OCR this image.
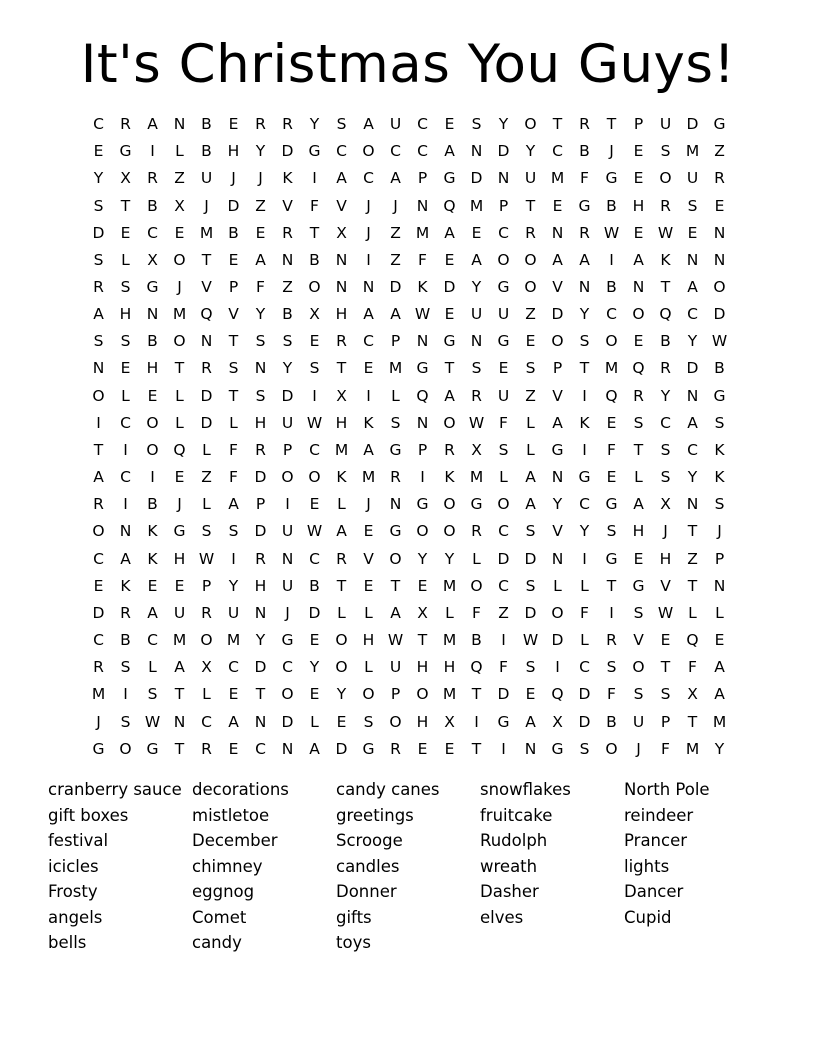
It's Christmas You Guys!
C	R	A	N	B	E	R	R	Y	S	A	U	C	E	S	Y	O	T	R	T	P	U D G
E	G	I	L	B	H	Y	D G	C O C	C	A	N D	Y	C	B	J	E	S M Z
Y	X	R	Z	U	J	J	K	I	A	C	A	P	G D N	U M	F	G	E	O U	R
S	T	B	X	J	D	Z	V	F	V	J	J	N Q M	P	T	E	G	B	H	R	S	E
D	E	C	E M B	E	R	T	X	J	Z M A	E	C	R	N	R W E W E	N
S	L	X	O	T	E	A	N	B	N	I	Z	F	E	A	O O	A	A	I	A	K	N N
R	S	G	J	V	P	F	Z	O N N D	K	D	Y	G O	V	N	B	N	T	A	O
A	H N M Q	V	Y	B	X	H	A	A W E	U	U	Z	D	Y	C O Q C	D
S	S	B	O N	T	S	S	E	R	C	P	N G N G	E	O	S	O	E	B	Y W
N	E	H	T	R	S	N	Y	S	T	E M G	T	S	E	S	P	T	M Q	R	D	B
O	L	E	L	D	T	S	D	I	X	I	L	Q	A	R	U	Z	V	I	Q	R	Y	N G
I	C O	L	D	L	H U W H	K	S	N O W F	L	A	K	E	S	C	A	S
T	I	O Q	L	F	R	P	C M A	G	P	R	X	S	L	G	I	F	T	S	C	K
A	C	I	E	Z	F	D O O	K M R	I	K M	L	A	N G	E	L	S	Y	K
R	I	B	J	L	A	P	I	E	L	J	N G O G O	A	Y	C	G	A	X	N	S
O N	K	G	S	S	D U W A	E	G O O	R	C	S	V	Y	S	H	J	T	J
C	A	K	H W	I	R	N	C	R	V	O	Y	Y	L	D D N	I	G	E	H	Z	P
E	K	E	E	P	Y	H U	B	T	E	T	E M O C	S	L	L	T	G	V	T	N
D	R	A	U	R	U	N	J	D	L	L	A	X	L	F	Z	D O	F	I	S W L	L
C	B	C M O M	Y	G	E	O H W T	M B	I	W D	L	R	V	E	Q	E
R	S	L	A	X	C	D	C	Y	O	L	U	H H Q	F	S	I	C	S	O	T	F	A
M	I	S	T	L	E	T	O	E	Y	O	P	O M	T	D	E	Q D	F	S	S	X	A
J	S W N	C	A	N D	L	E	S	O H	X	I	G	A	X	D	B	U	P	T	M
G O G	T	R	E	C	N	A	D G	R	E	E	T	I	N G	S	O	J	F	M	Y
cranberry sauce
gift boxes
festival
icicles
Frosty
angels
bells
decorations
mistletoe
December
chimney
eggnog
Comet
candy
candy canes
greetings
Scrooge
candles
Donner
gifts
toys
snowflakes
fruitcake
Rudolph
wreath
Dasher
elves
North Pole
reindeer
Prancer
lights
Dancer
Cupid
